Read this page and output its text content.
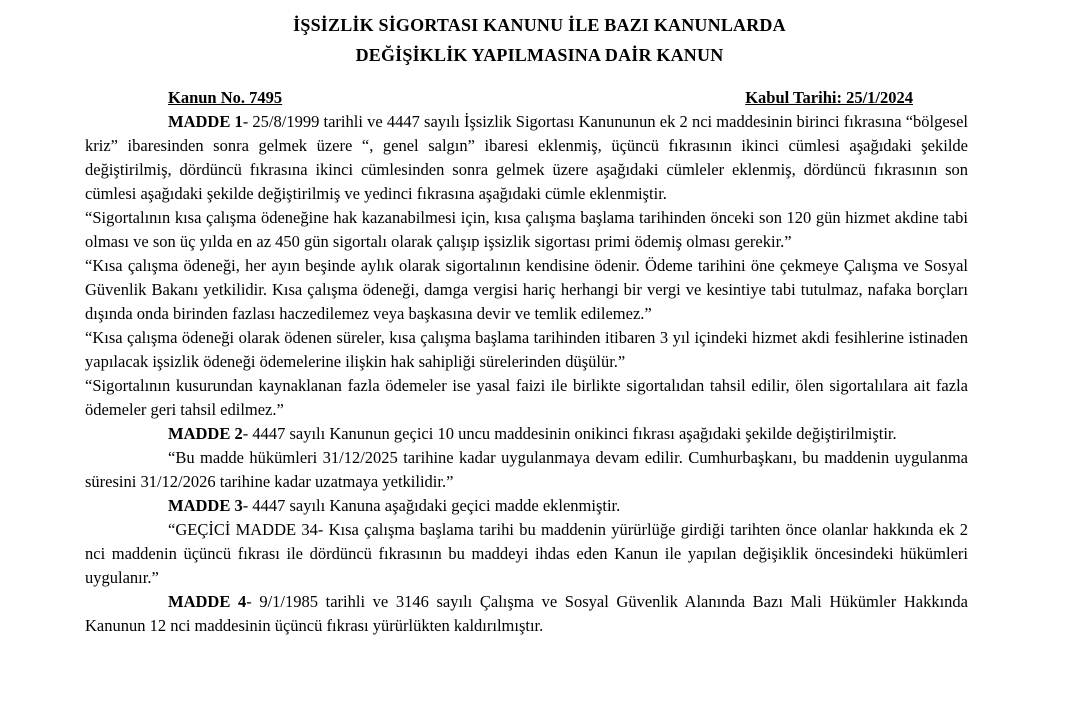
İŞSİZLİK SİGORTASI KANUNU İLE BAZI KANUNLARDA
DEĞİŞİKLİK YAPILMASINA DAİR KANUN
Kanun No. 7495	Kabul Tarihi: 25/1/2024

MADDE 1- 25/8/1999 tarihli ve 4447 sayılı İşsizlik Sigortası Kanununun ek 2 nci maddesinin birinci fıkrasına “bölgesel kriz” ibaresinden sonra gelmek üzere “, genel salgın” ibaresi eklenmiş, üçüncü fıkrasının ikinci cümlesi aşağıdaki şekilde değiştirilmiş, dördüncü fıkrasına ikinci cümlesinden sonra gelmek üzere aşağıdaki cümleler eklenmiş, dördüncü fıkrasının son cümlesi aşağıdaki şekilde değiştirilmiş ve yedinci fıkrasına aşağıdaki cümle eklenmiştir.

“Sigortalının kısa çalışma ödeneğine hak kazanabilmesi için, kısa çalışma başlama tarihinden önceki son 120 gün hizmet akdine tabi olması ve son üç yılda en az 450 gün sigortalı olarak çalışıp işsizlik sigortası primi ödemiş olması gerekir.”

“Kısa çalışma ödeneği, her ayın beşinde aylık olarak sigortalının kendisine ödenir. Ödeme tarihini öne çekmeye Çalışma ve Sosyal Güvenlik Bakanı yetkilidir. Kısa çalışma ödeneği, damga vergisi hariç herhangi bir vergi ve kesintiye tabi tutulmaz, nafaka borçları dışında onda birinden fazlası haczedilemez veya başkasına devir ve temlik edilemez.”

“Kısa çalışma ödeneği olarak ödenen süreler, kısa çalışma başlama tarihinden itibaren 3 yıl içindeki hizmet akdi fesihlerine istinaden yapılacak işsizlik ödeneği ödemelerine ilişkin hak sahipliği sürelerinden düşülür.”

“Sigortalının kusurundan kaynaklanan fazla ödemeler ise yasal faizi ile birlikte sigortalıdan tahsil edilir, ölen sigortalılara ait fazla ödemeler geri tahsil edilmez.”

MADDE 2- 4447 sayılı Kanunun geçici 10 uncu maddesinin onikinci fıkrası aşağıdaki şekilde değiştirilmiştir.

“Bu madde hükümleri 31/12/2025 tarihine kadar uygulanmaya devam edilir. Cumhurbaşkanı, bu maddenin uygulanma süresini 31/12/2026 tarihine kadar uzatmaya yetkilidir.”

MADDE 3- 4447 sayılı Kanuna aşağıdaki geçici madde eklenmiştir.

“GEÇİCİ MADDE 34- Kısa çalışma başlama tarihi bu maddenin yürürlüğe girdiği tarihten önce olanlar hakkında ek 2 nci maddenin üçüncü fıkrası ile dördüncü fıkrasının bu maddeyi ihdas eden Kanun ile yapılan değişiklik öncesindeki hükümleri uygulanır.”

MADDE 4- 9/1/1985 tarihli ve 3146 sayılı Çalışma ve Sosyal Güvenlik Alanında Bazı Mali Hükümler Hakkında Kanunun 12 nci maddesinin üçüncü fıkrası yürürlükten kaldırılmıştır.
